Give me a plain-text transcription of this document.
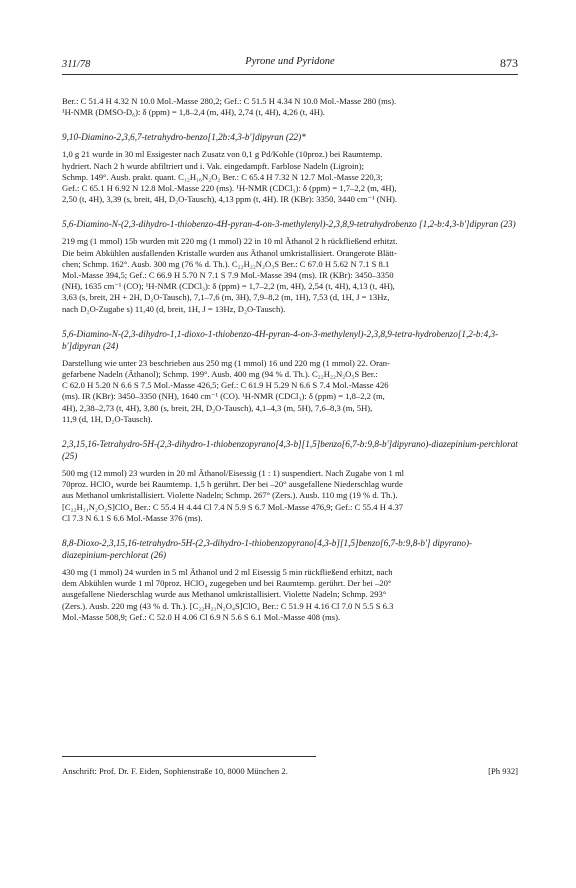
311/78	Pyrone und Pyridone	873

Ber.: C 51.4 H 4.32 N 10.0 Mol.-Masse 280,2; Gef.: C 51.5 H 4.34 N 10.0 Mol.-Masse 280 (ms).

¹H-NMR (DMSO-D₆): δ (ppm) = 1,8–2,4 (m, 4H), 2,74 (t, 4H), 4,26 (t, 4H).

9,10-Diamino-2,3,6,7-tetrahydro-benzo[1,2b:4,3-b']dipyran (22)*

1,0 g 21 wurde in 30 ml Essigester nach Zusatz von 0,1 g Pd/Kohle (10proz.) bei Raumtemp.

hydriert. Nach 2 h wurde abfiltriert und i. Vak. eingedampft. Farblose Nadeln (Ligroin);

Schmp. 149°. Ausb. prakt. quant. C₁₂H₁₆N₂O₂ Ber.: C 65.4 H 7.32 N 12.7 Mol.-Masse 220,3;

Gef.: C 65.1 H 6.92 N 12.8 Mol.-Masse 220 (ms). ¹H-NMR (CDCl₃): δ (ppm) = 1,7–2,2 (m, 4H),

2,50 (t, 4H), 3,39 (s, breit, 4H, D₂O-Tausch), 4,13 ppm (t, 4H). IR (KBr): 3350, 3440 cm⁻¹ (NH).

5,6-Diamino-N-(2,3-dihydro-1-thiobenzo-4H-pyran-4-on-3-methylenyl)-2,3,8,9-tetrahydrobenzo [1,2-b:4,3-b']dipyran (23)

219 mg (1 mmol) 15b wurden mit 220 mg (1 mmol) 22 in 10 ml Äthanol 2 h rückfließend erhitzt.

Die beim Abkühlen ausfallenden Kristalle wurden aus Äthanol umkristallisiert. Orangerote Blätt-

chen; Schmp. 162°. Ausb. 300 mg (76 % d. Th.). C₂₂H₂₂N₂O₃S Ber.: C 67.0 H 5.62 N 7.1 S 8.1

Mol.-Masse 394,5; Gef.: C 66.9 H 5.70 N 7.1 S 7.9 Mol.-Masse 394 (ms). IR (KBr): 3450–3350

(NH), 1635 cm⁻¹ (CO); ¹H-NMR (CDCl₃): δ (ppm) = 1,7–2,2 (m, 4H), 2,54 (t, 4H), 4,13 (t, 4H),

3,63 (s, breit, 2H + 2H, D₂O-Tausch), 7,1–7,6 (m, 3H), 7,9–8,2 (m, 1H), 7,53 (d, 1H, J = 13Hz,

nach D₂O-Zugabe s) 11,40 (d, breit, 1H, J = 13Hz, D₂O-Tausch).

5,6-Diamino-N-(2,3-dihydro-1,1-dioxo-1-thiobenzo-4H-pyran-4-on-3-methylenyl)-2,3,8,9-tetra-hydrobenzo[1,2-b:4,3-b']dipyran (24)

Darstellung wie unter 23 beschrieben aus 250 mg (1 mmol) 16 und 220 mg (1 mmol) 22. Oran-

gefarbene Nadeln (Äthanol); Schmp. 199°. Ausb. 400 mg (94 % d. Th.). C₂₂H₂₂N₂O₅S Ber.:

C 62.0 H 5.20 N 6.6 S 7.5 Mol.-Masse 426,5; Gef.: C 61.9 H 5.29 N 6.6 S 7.4 Mol.-Masse 426

(ms). IR (KBr): 3450–3350 (NH), 1640 cm⁻¹ (CO). ¹H-NMR (CDCl₃): δ (ppm) = 1,8–2,2 (m,

4H), 2,38–2,73 (t, 4H), 3,80 (s, breit, 2H, D₂O-Tausch), 4,1–4,3 (m, 5H), 7,6–8,3 (m, 5H),

11,9 (d, 1H, D₂O-Tausch).

2,3,15,16-Tetrahydro-5H-(2,3-dihydro-1-thiobenzopyrano[4,3-b][1,5]benzo[6,7-b:9,8-b']dipyrano)-diazepinium-perchlorat (25)

500 mg (12 mmol) 23 wurden in 20 ml Äthanol/Eisessig (1 : 1) suspendiert. Nach Zugabe von 1 ml

70proz. HClO₄ wurde bei Raumtemp. 1,5 h gerührt. Der bei –20° ausgefallene Niederschlag wurde

aus Methanol umkristallisiert. Violette Nadeln; Schmp. 267° (Zers.). Ausb. 110 mg (19 % d. Th.).

[C₂₂H₂₁N₂O₂S]ClO₄ Ber.: C 55.4 H 4.44 Cl 7.4 N 5.9 S 6.7 Mol.-Masse 476,9; Gef.: C 55.4 H 4.37

Cl 7.3 N 6.1 S 6.6 Mol.-Masse 376 (ms).

8,8-Dioxo-2,3,15,16-tetrahydro-5H-(2,3-dihydro-1-thiobenzopyrano[4,3-b][1,5]benzo[6,7-b:9,8-b'] dipyrano)-diazepinium-perchlorat (26)

430 mg (1 mmol) 24 wurden in 5 ml Äthanol und 2 ml Eisessig 5 min rückfließend erhitzt, nach

dem Abkühlen wurde 1 ml 70proz. HClO₄ zugegeben und bei Raumtemp. gerührt. Der bei –20°

ausgefallene Niederschlag wurde aus Methanol umkristallisiert. Violette Nadeln; Schmp. 293°

(Zers.). Ausb. 220 mg (43 % d. Th.). [C₂₂H₂₁N₂O₄S]ClO₄ Ber.: C 51.9 H 4.16 Cl 7.0 N 5.5 S 6.3

Mol.-Masse 508,9; Gef.: C 52.0 H 4.06 Cl 6.9 N 5.6 S 6.1 Mol.-Masse 408 (ms).

Anschrift: Prof. Dr. F. Eiden, Sophienstraße 10, 8000 München 2.	[Ph 932]
